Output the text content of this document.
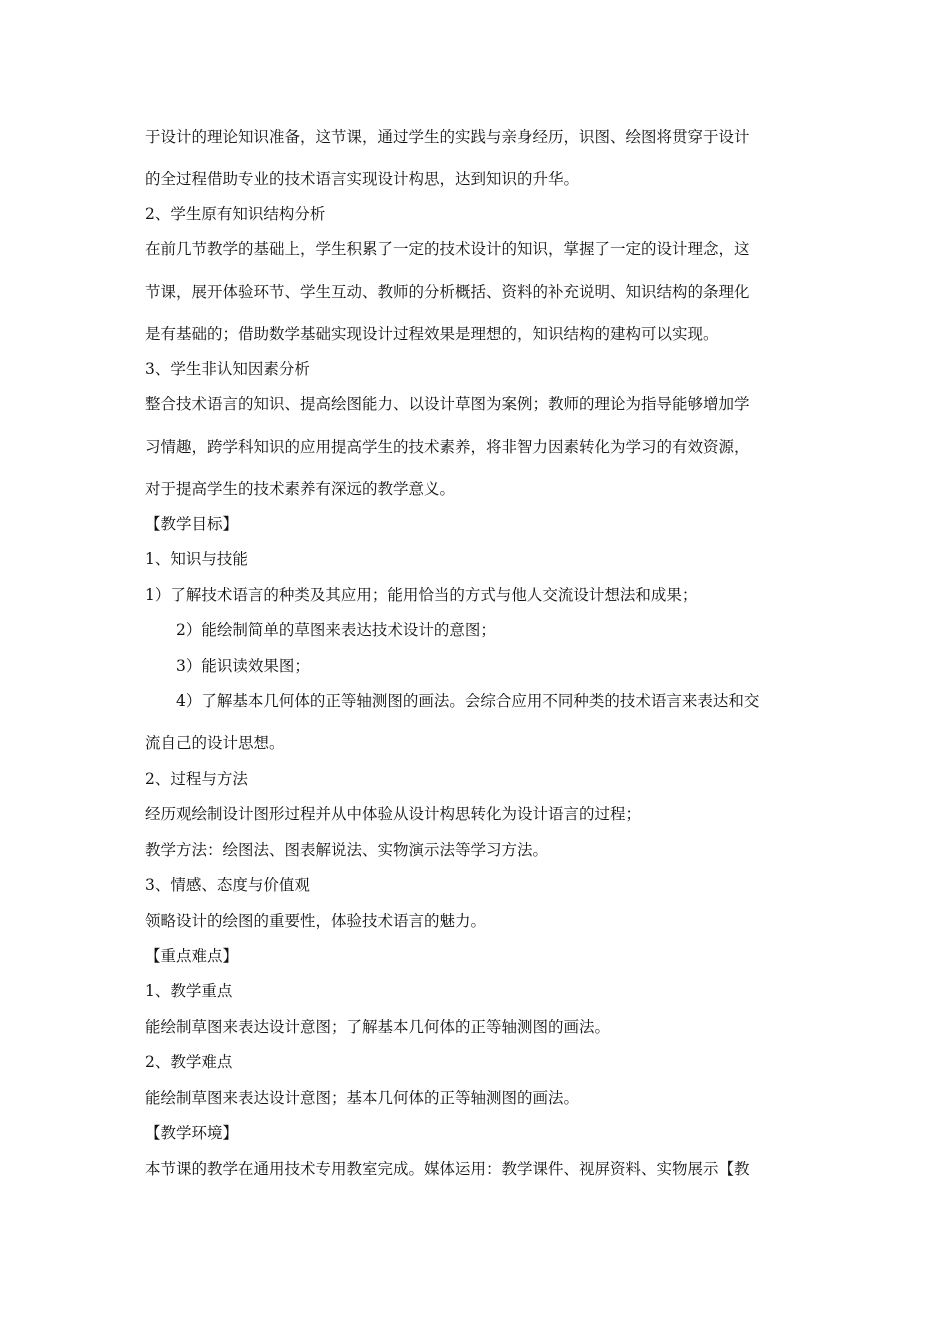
于设计的理论知识准备，这节课，通过学生的实践与亲身经历，识图、绘图将贯穿于设计
的全过程借助专业的技术语言实现设计构思，达到知识的升华。
2、学生原有知识结构分析
在前几节教学的基础上，学生积累了一定的技术设计的知识，掌握了一定的设计理念，这
节课，展开体验环节、学生互动、教师的分析概括、资料的补充说明、知识结构的条理化
是有基础的；借助数学基础实现设计过程效果是理想的，知识结构的建构可以实现。
3、学生非认知因素分析
整合技术语言的知识、提高绘图能力、以设计草图为案例；教师的理论为指导能够增加学
习情趣，跨学科知识的应用提高学生的技术素养，将非智力因素转化为学习的有效资源，
对于提高学生的技术素养有深远的教学意义。
【教学目标】
1、知识与技能
1）了解技术语言的种类及其应用；能用恰当的方式与他人交流设计想法和成果；
2）能绘制简单的草图来表达技术设计的意图；
3）能识读效果图；
4）了解基本几何体的正等轴测图的画法。会综合应用不同种类的技术语言来表达和交
流自己的设计思想。
2、过程与方法
经历观绘制设计图形过程并从中体验从设计构思转化为设计语言的过程；
教学方法：绘图法、图表解说法、实物演示法等学习方法。
3、情感、态度与价值观
领略设计的绘图的重要性，体验技术语言的魅力。
【重点难点】
1、教学重点
能绘制草图来表达设计意图；了解基本几何体的正等轴测图的画法。
2、教学难点
能绘制草图来表达设计意图；基本几何体的正等轴测图的画法。
【教学环境】
本节课的教学在通用技术专用教室完成。媒体运用：教学课件、视屏资料、实物展示【教
